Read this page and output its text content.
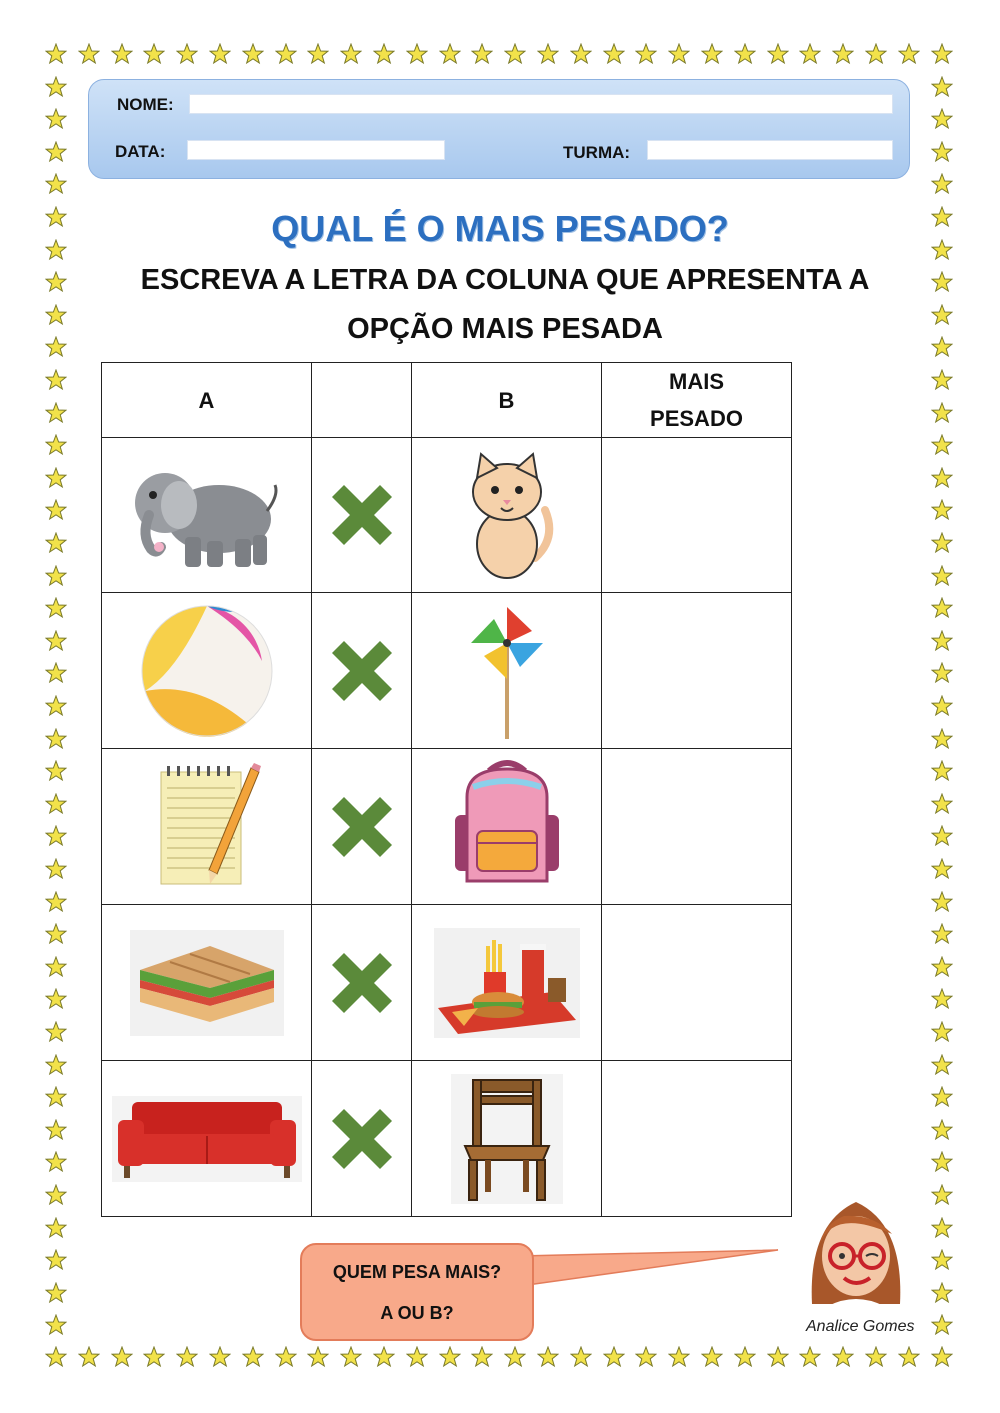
NOME:
DATA:	TURMA:
QUAL É O MAIS PESADO?
ESCREVA A LETRA DA COLUNA QUE APRESENTA A
OPÇÃO MAIS PESADA
A		B	MAIS
PESADO

QUEM PESA MAIS?
A OU B?
Analice Gomes
